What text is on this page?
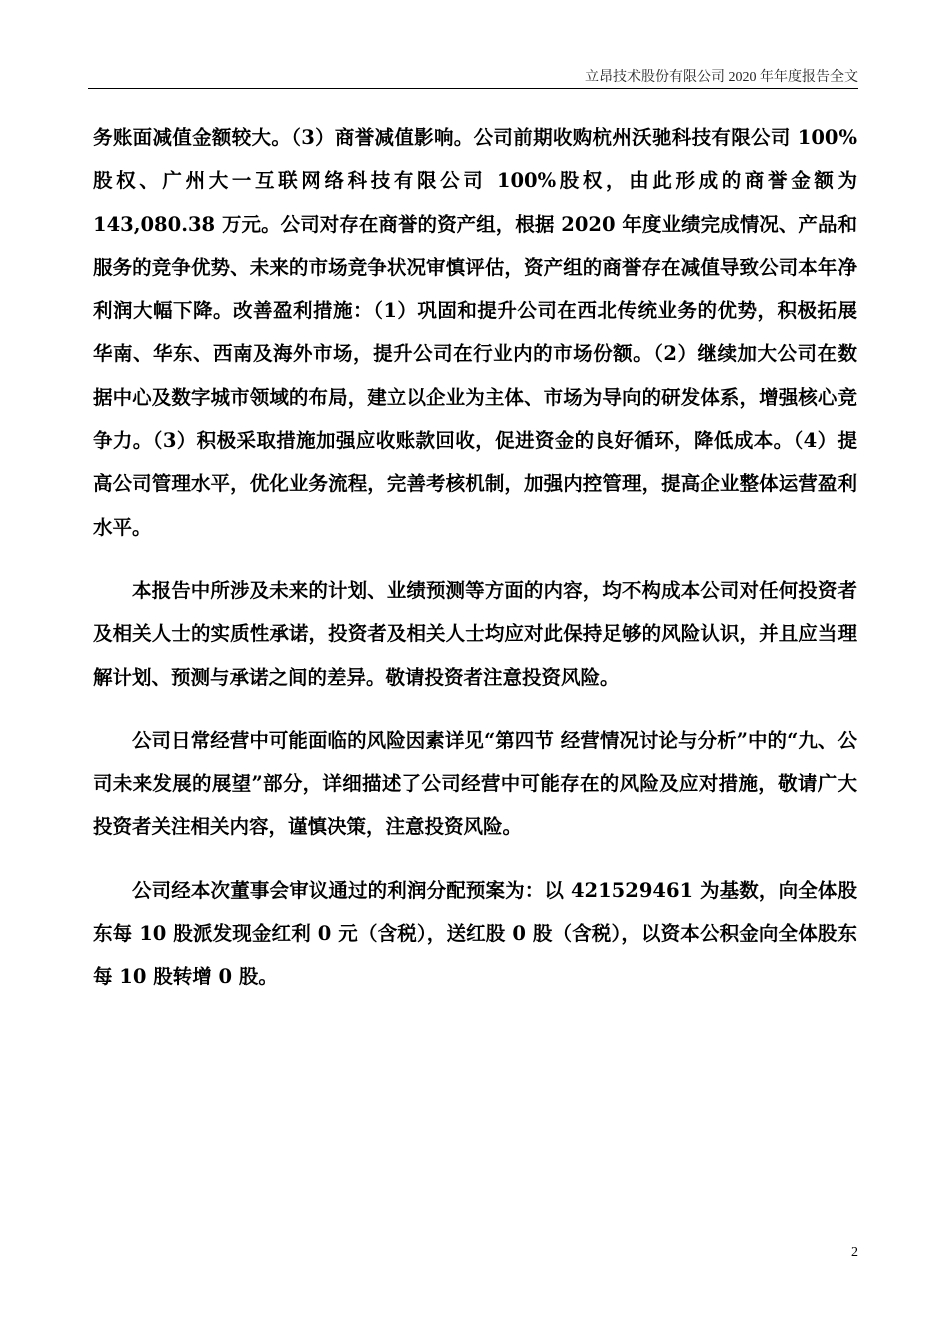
立昂技术股份有限公司 2020 年年度报告全文

务账面减值金额较大。（3）商誉减值影响。公司前期收购杭州沃驰科技有限公司 100%股权、广州大一互联网络科技有限公司 100%股权，由此形成的商誉金额为 143,080.38 万元。公司对存在商誉的资产组，根据 2020 年度业绩完成情况、产品和服务的竞争优势、未来的市场竞争状况审慎评估，资产组的商誉存在减值导致公司本年净利润大幅下降。改善盈利措施：（1）巩固和提升公司在西北传统业务的优势，积极拓展华南、华东、西南及海外市场，提升公司在行业内的市场份额。（2）继续加大公司在数据中心及数字城市领域的布局，建立以企业为主体、市场为导向的研发体系，增强核心竞争力。（3）积极采取措施加强应收账款回收，促进资金的良好循环，降低成本。（4）提高公司管理水平，优化业务流程，完善考核机制，加强内控管理，提高企业整体运营盈利水平。

本报告中所涉及未来的计划、业绩预测等方面的内容，均不构成本公司对任何投资者及相关人士的实质性承诺，投资者及相关人士均应对此保持足够的风险认识，并且应当理解计划、预测与承诺之间的差异。敬请投资者注意投资风险。

公司日常经营中可能面临的风险因素详见“第四节 经营情况讨论与分析”中的“九、公司未来发展的展望”部分，详细描述了公司经营中可能存在的风险及应对措施，敬请广大投资者关注相关内容，谨慎决策，注意投资风险。

公司经本次董事会审议通过的利润分配预案为：以 421529461 为基数，向全体股东每 10 股派发现金红利 0 元（含税），送红股 0 股（含税），以资本公积金向全体股东每 10 股转增 0 股。

2
